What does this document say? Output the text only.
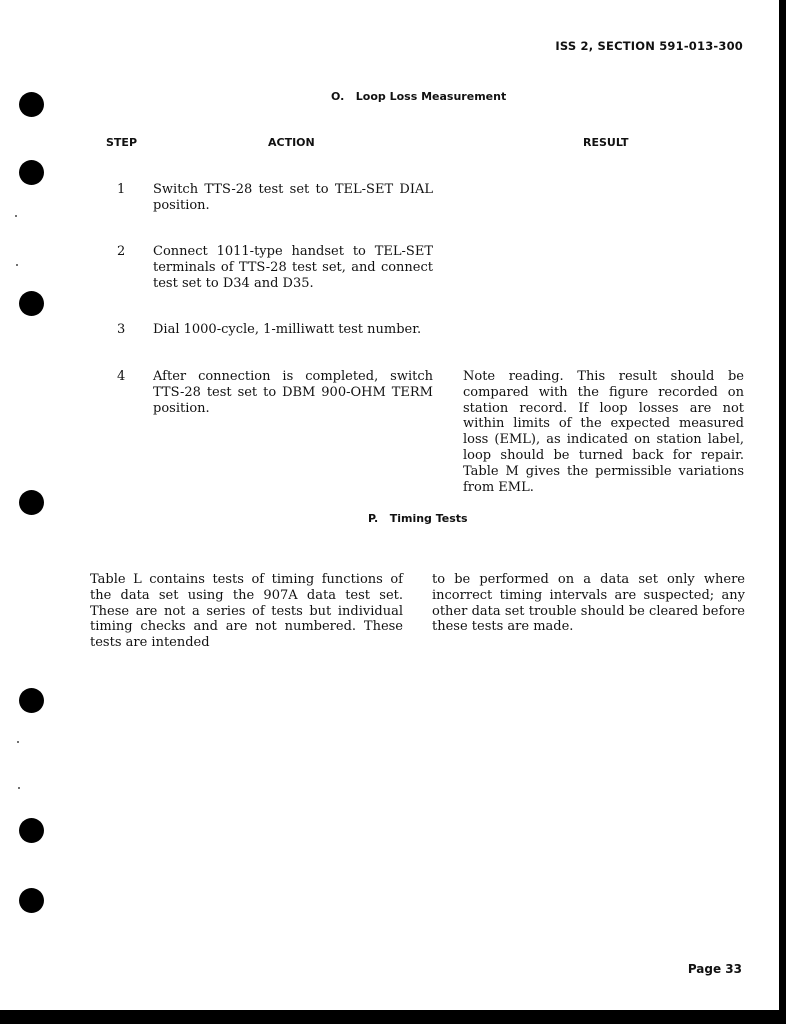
ISS 2, SECTION 591-013-300
O.   Loop Loss Measurement
STEP	ACTION	RESULT
1 Switch TTS-28 test set to TEL-SET DIAL position.
2 Connect 1011-type handset to TEL-SET terminals of TTS-28 test set, and connect test set to D34 and D35.
3 Dial 1000-cycle, 1-milliwatt test number.
4 After connection is completed, switch TTS-28 test set to DBM 900-OHM TERM position.
Note reading. This result should be compared with the figure recorded on station record. If loop losses are not within limits of the expected measured loss (EML), as indicated on station label, loop should be turned back for repair. Table M gives the permissible variations from EML.
P.   Timing Tests
Table L contains tests of timing functions of the data set using the 907A data test set. These are not a series of tests but individual timing checks and are not numbered. These tests are intended
to be performed on a data set only where incorrect timing intervals are suspected; any other data set trouble should be cleared before these tests are made.
Page 33
